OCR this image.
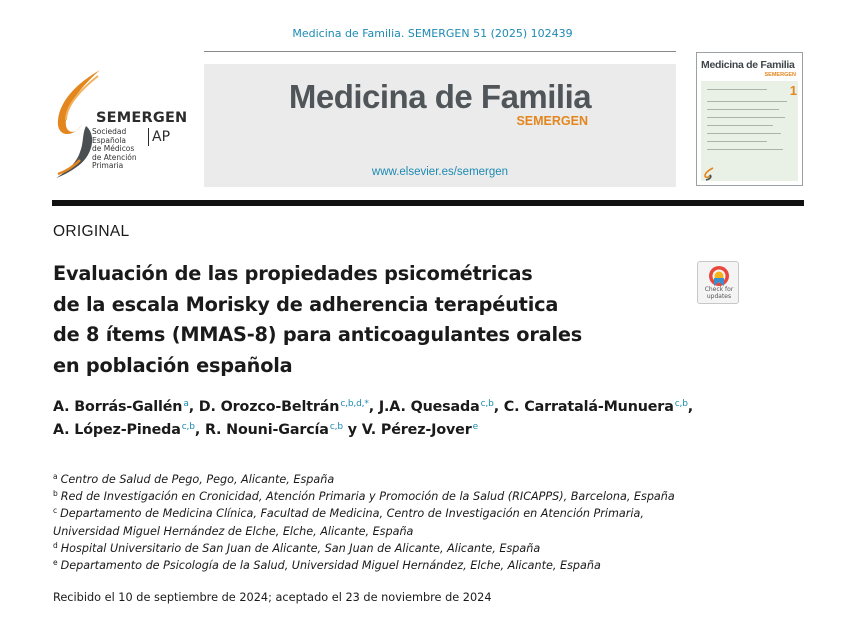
Medicina de Familia. SEMERGEN 51 (2025) 102439
SEMERGEN
AP
Sociedad
Española
de Médicos
de Atención
Primaria
Medicina de Familia
SEMERGEN
www.elsevier.es/semergen
Medicina de Familia
SEMERGEN
1
ORIGINAL
Evaluación de las propiedades psicométricas
de la escala Morisky de adherencia terapéutica
de 8 ítems (MMAS-8) para anticoagulantes orales
en población española
Check for
updates
A. Borrás-Gallén$^a$, D. Orozco-Beltrán$^{c,b,d,*}$, J.A. Quesada$^{c,b}$, C. Carratalá-Munuera$^{c,b}$,
A. López-Pineda$^{c,b}$, R. Nouni-García$^{c,b}$ y V. Pérez-Jover$^e$
$^a$ Centro de Salud de Pego, Pego, Alicante, España
$^b$ Red de Investigación en Cronicidad, Atención Primaria y Promoción de la Salud (RICAPPS), Barcelona, España
$^c$ Departamento de Medicina Clínica, Facultad de Medicina, Centro de Investigación en Atención Primaria,
Universidad Miguel Hernández de Elche, Elche, Alicante, España
$^d$ Hospital Universitario de San Juan de Alicante, San Juan de Alicante, Alicante, España
$^e$ Departamento de Psicología de la Salud, Universidad Miguel Hernández, Elche, Alicante, España
Recibido el 10 de septiembre de 2024; aceptado el 23 de noviembre de 2024
